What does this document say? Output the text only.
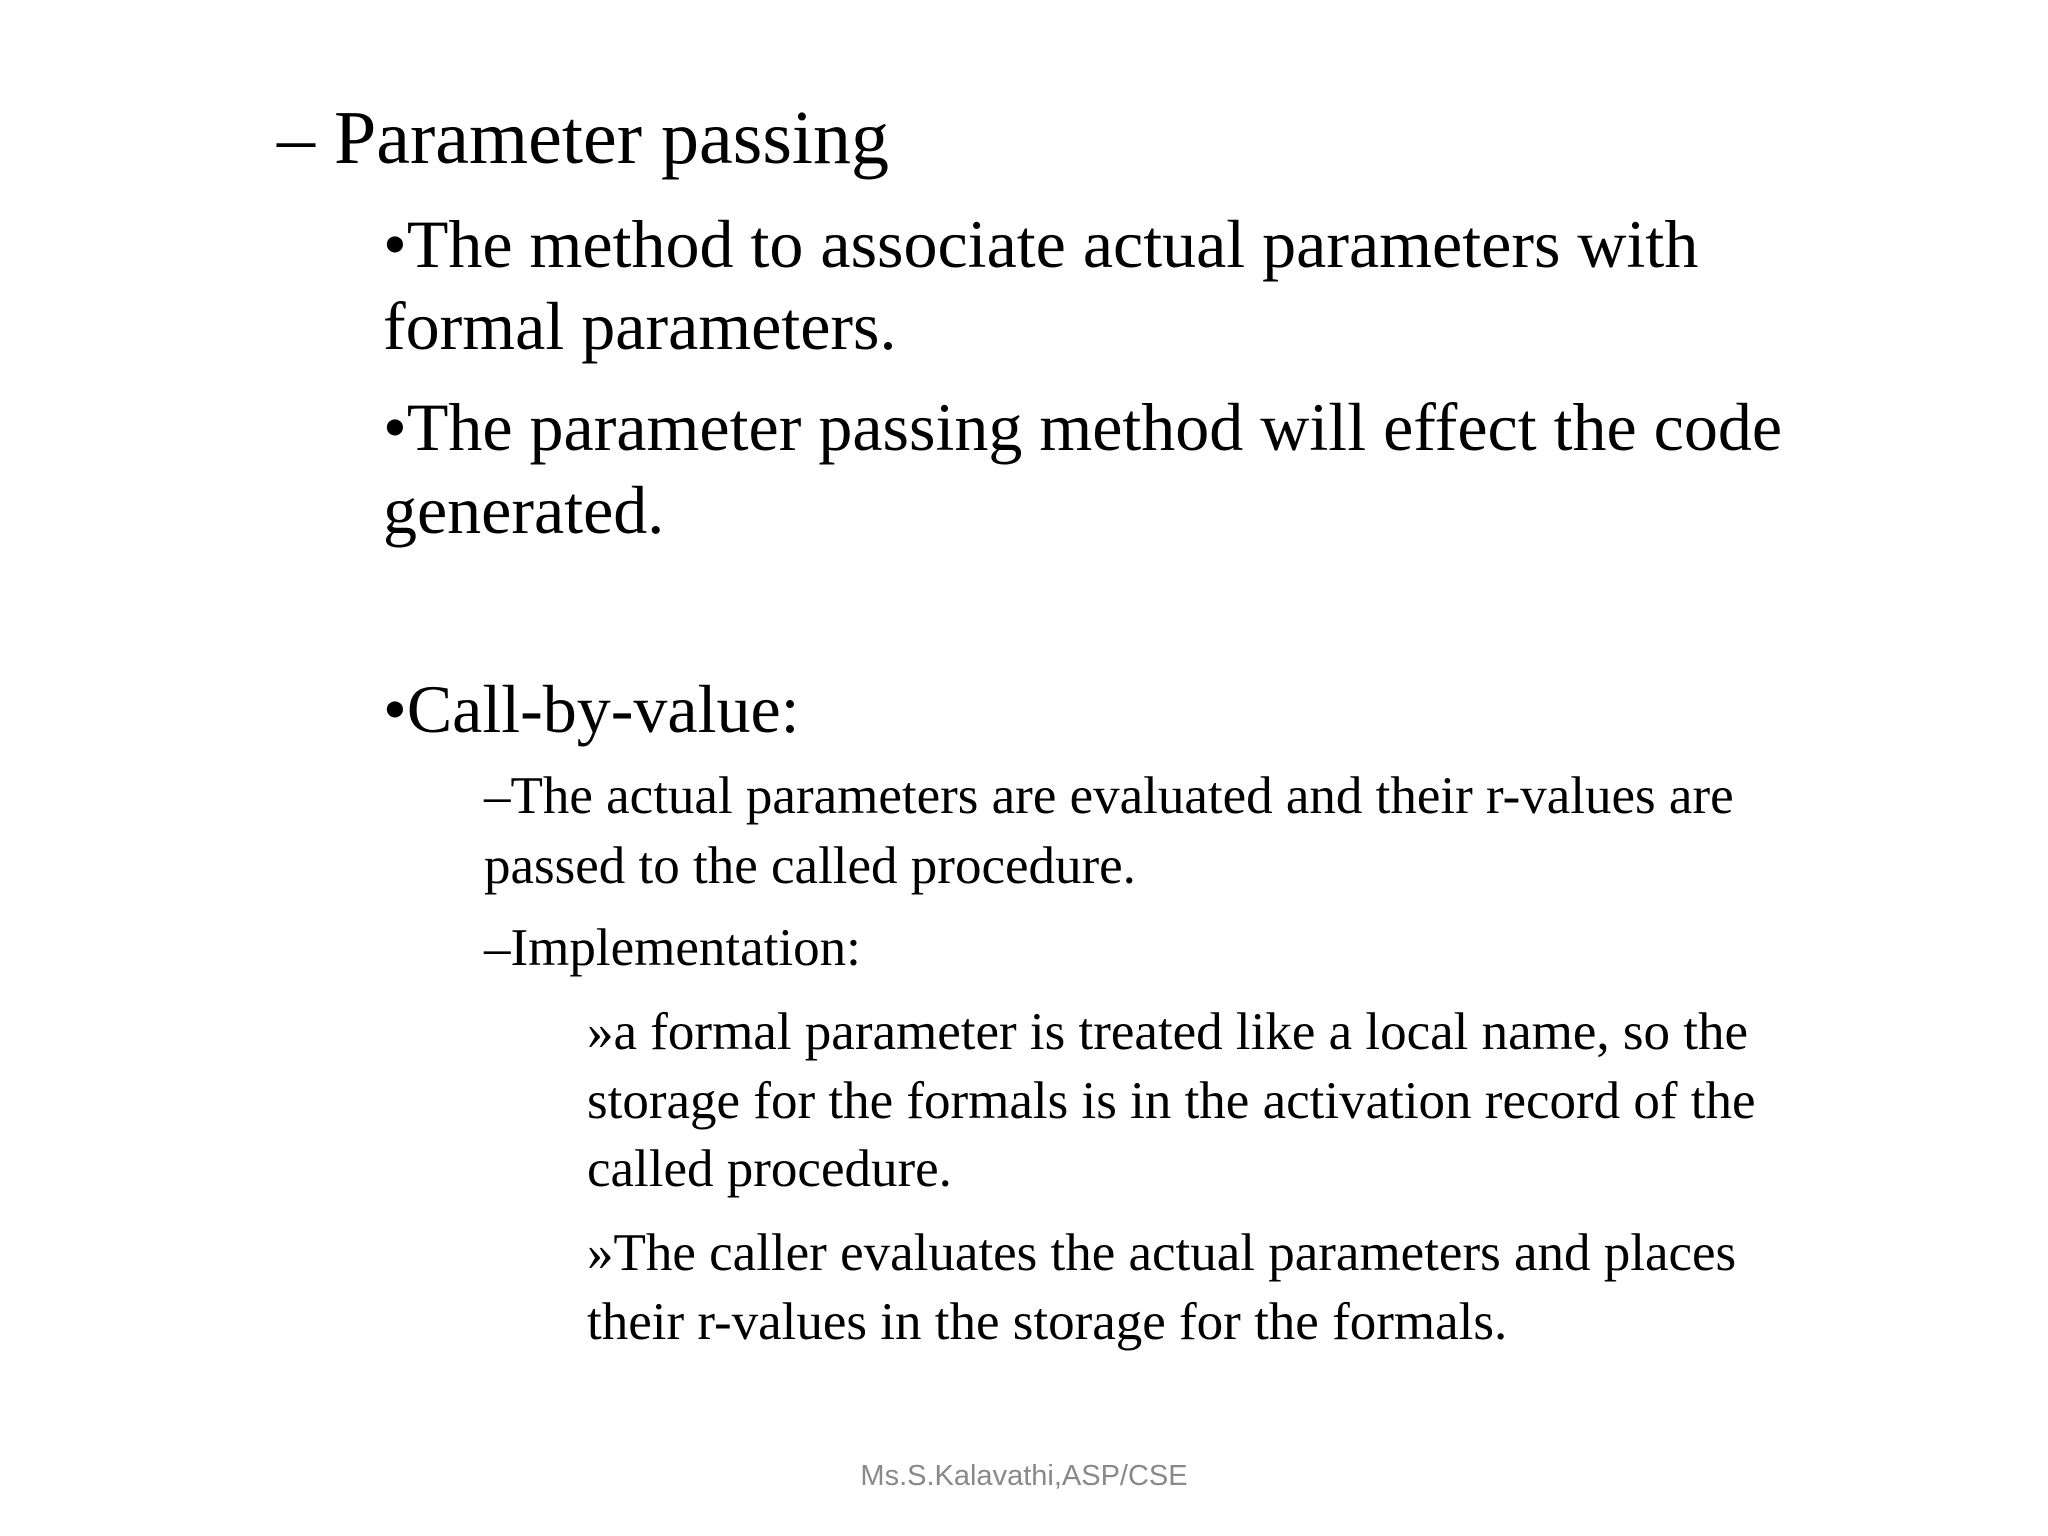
– Parameter passing
•The method to associate actual parameters with
formal parameters.
•The parameter passing method will effect the code
generated.
•Call-by-value:
–The actual parameters are evaluated and their r-values are
passed to the called procedure.
–Implementation:
»a formal parameter is treated like a local name, so the
storage for the formals is in the activation record of the
called procedure.
»The caller evaluates the actual parameters and places
their r-values in the storage for the formals.
Ms.S.Kalavathi,ASP/CSE
